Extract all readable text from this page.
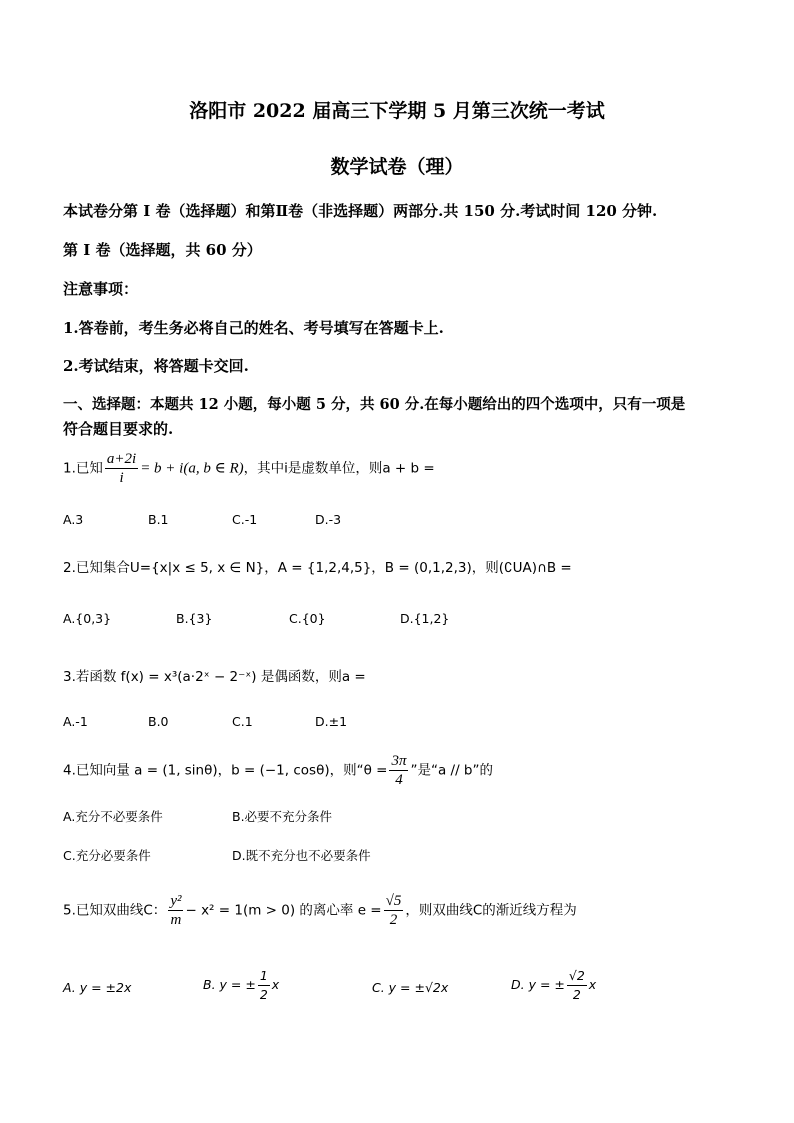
洛阳市 2022 届高三下学期 5 月第三次统一考试
数学试卷（理）
本试卷分第 I 卷（选择题）和第Ⅱ卷（非选择题）两部分.共 150 分.考试时间 120 分钟.
第 I 卷（选择题，共 60 分）
注意事项：
1.答卷前，考生务必将自己的姓名、考号填写在答题卡上.
2.考试结束，将答题卡交回.
一、选择题：本题共 12 小题，每小题 5 分，共 60 分.在每小题给出的四个选项中，只有一项是
符合题目要求的.
1.已知 $\frac{a+2i}{i} = b + i(a$, b ∈ R)，其中i是虚数单位，则a + b =
A.3	B.1	C.-1	D.-3
2.已知集合U={x|x ≤ 5, x ∈ N}，A = {1,2,4,5}，B = (0,1,2,3)，则(∁UA)∩B =
A.{0,3}	B.{3}	C.{0}	D.{1,2}
3.若函数 f(x) = x³(a·2ˣ − 2⁻ˣ) 是偶函数，则a =
A.-1	B.0	C.1	D.±1
4.已知向量 a = (1, sinθ)，b = (−1, cosθ)，则“$\theta = \frac{3\pi}{4}$ ”是“a // b”的
A.充分不必要条件	B.必要不充分条件
C.充分必要条件	D.既不充分也不必要条件
5.已知双曲线C： $\frac{\text{y²}}{m} - x^2 = 1(m > 0)$ 的离心率 $e = \frac{√5}{2}$ ，则双曲线C的渐近线方程为
A. y = ±2x	B. y = ± $\frac{1}{2}$ x	C. y = ±√2x	D. y = ± $\frac{√2}{2}$ x
